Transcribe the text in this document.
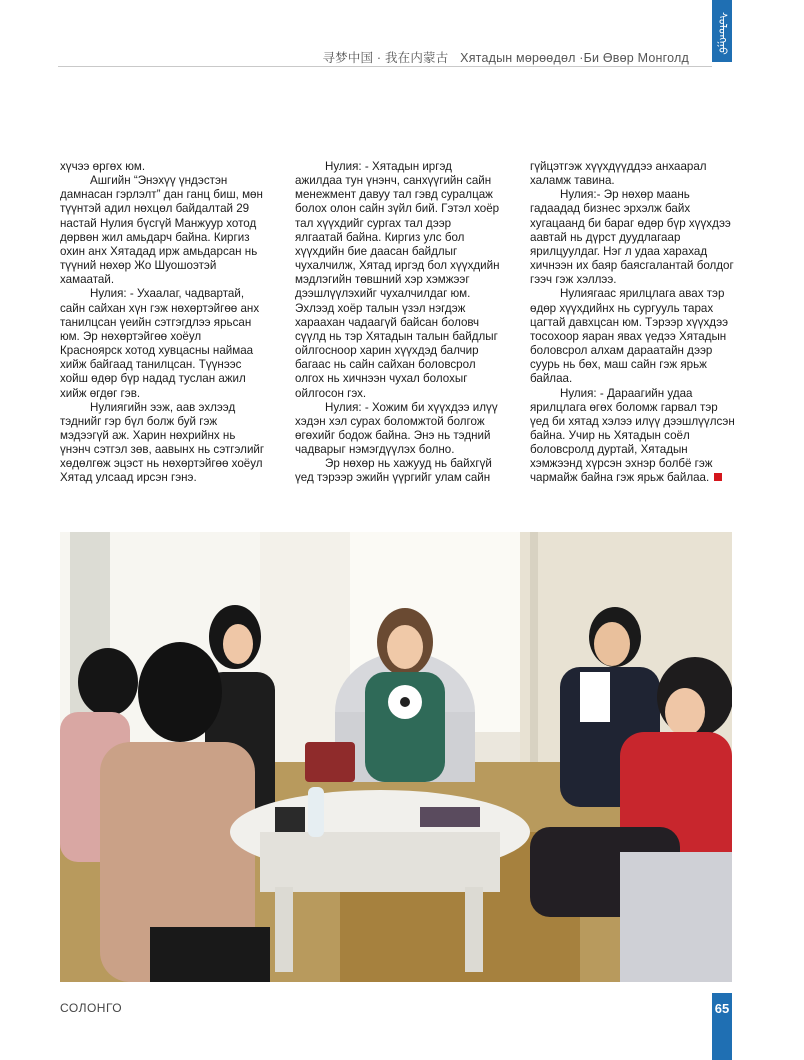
寻梦中国 · 我在内蒙古 Хятадын мөрөөдөл ·Би Өвөр Монголд
ᠰᠣᠯᠣᠩᠭᠣ

хүчээ өргөх юм.

Ашгийн “Энэхүү үндэстэн дамнасан гэрлэлт” дан ганц биш, мөн түүнтэй адил нөхцөл байдалтай 29 настай Нулия бүсгүй Манжуур хотод дөрвөн жил амьдарч байна. Киргиз охин анх Хятадад ирж амьдарсан нь түүний нөхөр Жо Шуошоэтэй хамаатай.

Нулия: - Ухаалаг, чадвартай, сайн сайхан хүн гэж нөхөртэйгөө анх танилцсан үеийн сэтгэгдлээ ярьсан юм. Эр нөхөртэйгөө хоёул Красноярск хотод хувцасны наймаа хийж байгаад танилцсан. Түүнээс хойш өдөр бүр надад туслан ажил хийж өгдөг гэв.

Нулиягийн ээж, аав эхлээд тэднийг гэр бүл болж буй гэж мэдээгүй аж. Харин нөхрийнх нь үнэнч сэтгэл зөв, аавынх нь сэтгэлийг хөдөлгөж эцэст нь нөхөртэйгөө хоёул Хятад улсаад ирсэн гэнэ.

Нулия: - Хятадын иргэд ажилдаа тун үнэнч, санхүүгийн сайн менежмент давуу тал гэвд суралцаж болох олон сайн зүйл бий. Гэтэл хоёр тал хүүхдийг сургах тал дээр ялгаатай байна. Киргиз улс бол хүүхдийн бие даасан байдлыг чухалчилж, Хятад иргэд бол хүүхдийн мэдлэгийн төвшний хэр хэмжээг дээшлүүлэхийг чухалчилдаг юм. Эхлээд хоёр талын үзэл нэгдэж хараахан чадаагүй байсан боловч сүүлд нь тэр Хятадын талын байдлыг ойлгосноор харин хүүхдэд балчир багаас нь сайн сайхан боловсрол олгох нь хичнээн чухал болохыг ойлгосон гэх.

Нулия: - Хожим би хүүхдээ илүү хэдэн хэл сурах боломжтой болгож өгөхийг бодож байна. Энэ нь тэдний чадварыг нэмэгдүүлэх болно.

Эр нөхөр нь хажууд нь байхгүй үед тэрээр эжийн үүргийг улам сайн

гүйцэтгэж хүүхдүүддээ анхаарал халамж тавина.

Нулия:- Эр нөхөр маань гадаадад бизнес эрхэлж байх хугацаанд би бараг өдөр бүр хүүхдээ аавтай нь дүрст дуудлагаар ярилцуулдаг. Нэг л удаа харахад хичнээн их баяр баясгалантай болдог гээч гэж хэллээ.

Нулиягаас ярилцлага авах тэр өдөр хүүхдийнх нь сургууль тарах цагтай давхцсан юм. Тэрээр хүүхдээ тосохоор яаран явах үедээ Хятадын боловсрол алхам дараатайн дээр суурь нь бөх, маш сайн гэж ярьж байлаа.

Нулия: - Дараагийн удаа ярилцлага өгөх боломж гарвал тэр үед би хятад хэлээ илүү дээшлүүлсэн байна. Учир нь Хятадын соёл боловсролд дуртай, Хятадын хэмжээнд хүрсэн эхнэр болбё гэж чармайж байна гэж ярьж байлаа.

СОЛОНГО	65
